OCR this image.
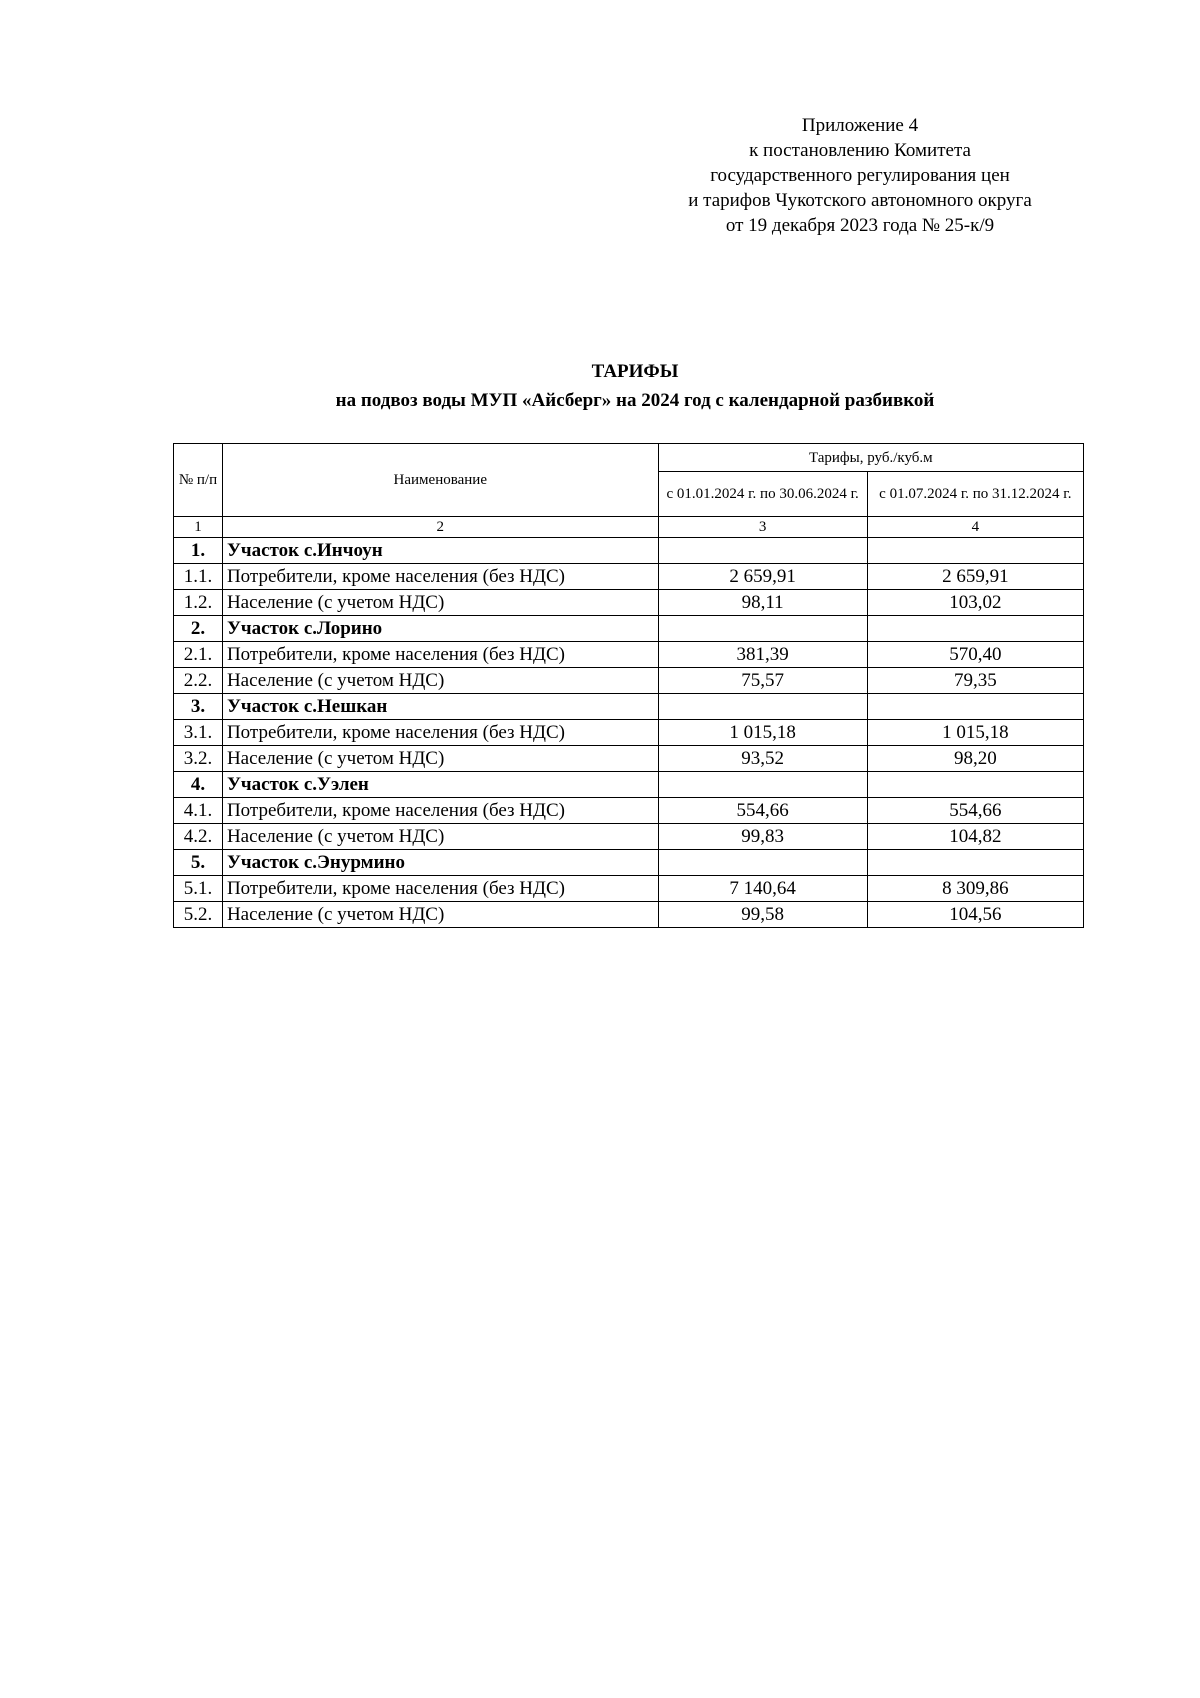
Приложение 4
к постановлению Комитета
государственного регулирования цен
и тарифов Чукотского автономного округа
от 19 декабря 2023 года № 25-к/9
ТАРИФЫ
на подвоз воды МУП «Айсберг» на 2024 год с календарной разбивкой
№ п/п	Наименование	Тарифы, руб./куб.м	
		с 01.01.2024 г. по 30.06.2024 г.	с 01.07.2024 г. по 31.12.2024 г.
1	2	3	4
1.	Участок с.Инчоун		
1.1.	Потребители, кроме населения (без НДС)	2 659,91	2 659,91
1.2.	Население (с учетом НДС)	98,11	103,02
2.	Участок с.Лорино		
2.1.	Потребители, кроме населения (без НДС)	381,39	570,40
2.2.	Население (с учетом НДС)	75,57	79,35
3.	Участок с.Нешкан		
3.1.	Потребители, кроме населения (без НДС)	1 015,18	1 015,18
3.2.	Население (с учетом НДС)	93,52	98,20
4.	Участок с.Уэлен		
4.1.	Потребители, кроме населения (без НДС)	554,66	554,66
4.2.	Население (с учетом НДС)	99,83	104,82
5.	Участок с.Энурмино		
5.1.	Потребители, кроме населения (без НДС)	7 140,64	8 309,86
5.2.	Население (с учетом НДС)	99,58	104,56
